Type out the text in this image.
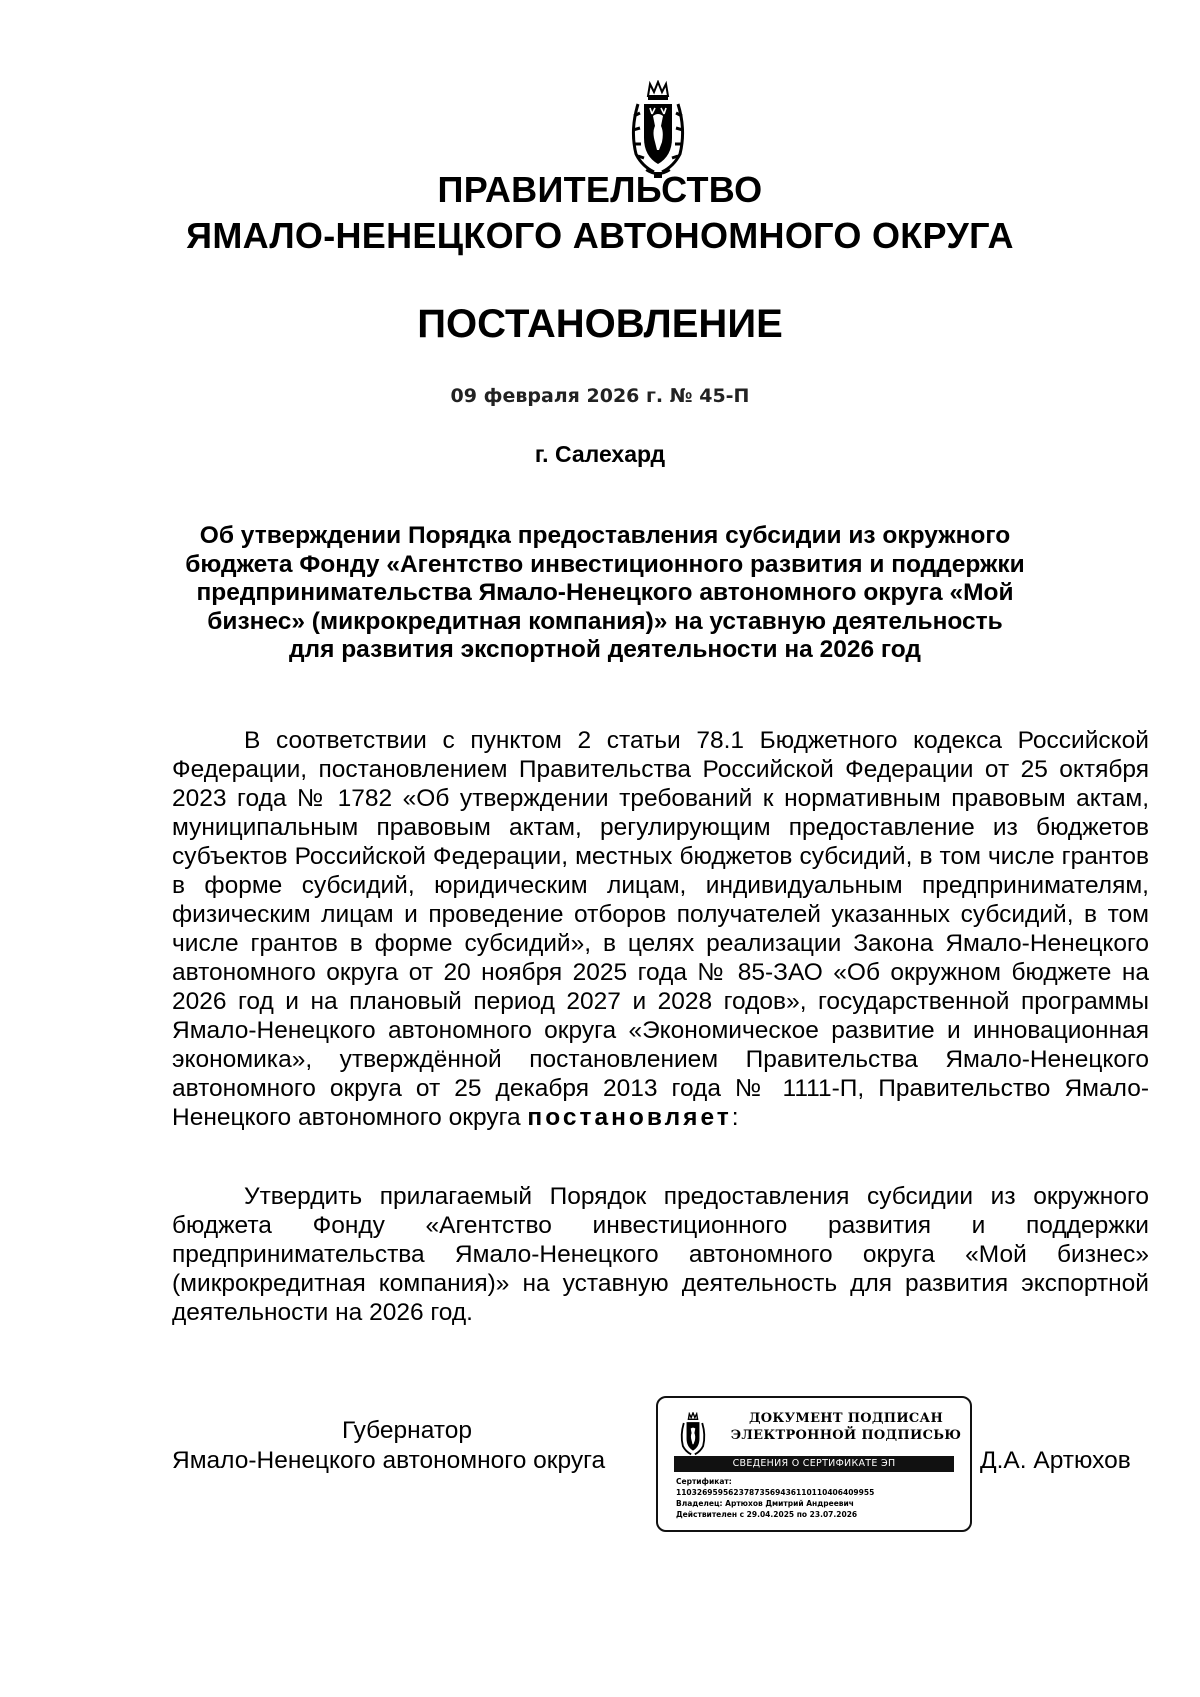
ПРАВИТЕЛЬСТВО
ЯМАЛО-НЕНЕЦКОГО АВТОНОМНОГО ОКРУГА
ПОСТАНОВЛЕНИЕ
09 февраля 2026 г. № 45-П
г. Салехард
Об утверждении Порядка предоставления субсидии из окружного
бюджета Фонду «Агентство инвестиционного развития и поддержки
предпринимательства Ямало-Ненецкого автономного округа «Мой
бизнес» (микрокредитная компания)» на уставную деятельность
для развития экспортной деятельности на 2026 год

В соответствии с пунктом 2 статьи 78.1 Бюджетного кодекса Российской Федерации, постановлением Правительства Российской Федерации от 25 октября 2023 года № 1782 «Об утверждении требований к нормативным правовым актам, муниципальным правовым актам, регулирующим предоставление из бюджетов субъектов Российской Федерации, местных бюджетов субсидий, в том числе грантов в форме субсидий, юридическим лицам, индивидуальным предпринимателям, физическим лицам и проведение отборов получателей указанных субсидий, в том числе грантов в форме субсидий», в целях реализации Закона Ямало-Ненецкого автономного округа от 20 ноября 2025 года № 85-ЗАО «Об окружном бюджете на 2026 год и на плановый период 2027 и 2028 годов», государственной программы Ямало-Ненецкого автономного округа «Экономическое развитие и инновационная экономика», утверждённой постановлением Правительства Ямало-Ненецкого автономного округа от 25 декабря 2013 года № 1111-П, Правительство Ямало-Ненецкого автономного округа постановляет:

Утвердить прилагаемый Порядок предоставления субсидии из окружного бюджета Фонду «Агентство инвестиционного развития и поддержки предпринимательства Ямало-Ненецкого автономного округа «Мой бизнес» (микрокредитная компания)» на уставную деятельность для развития экспортной деятельности на 2026 год.

Губернатор
Ямало-Ненецкого автономного округа
ДОКУМЕНТ ПОДПИСАН
ЭЛЕКТРОННОЙ ПОДПИСЬЮ
СВЕДЕНИЯ О СЕРТИФИКАТЕ ЭП
Сертификат:
11032695956237873569436110110406409955
Владелец: Артюхов Дмитрий Андреевич
Действителен с 29.04.2025 по 23.07.2026
Д.А. Артюхов
